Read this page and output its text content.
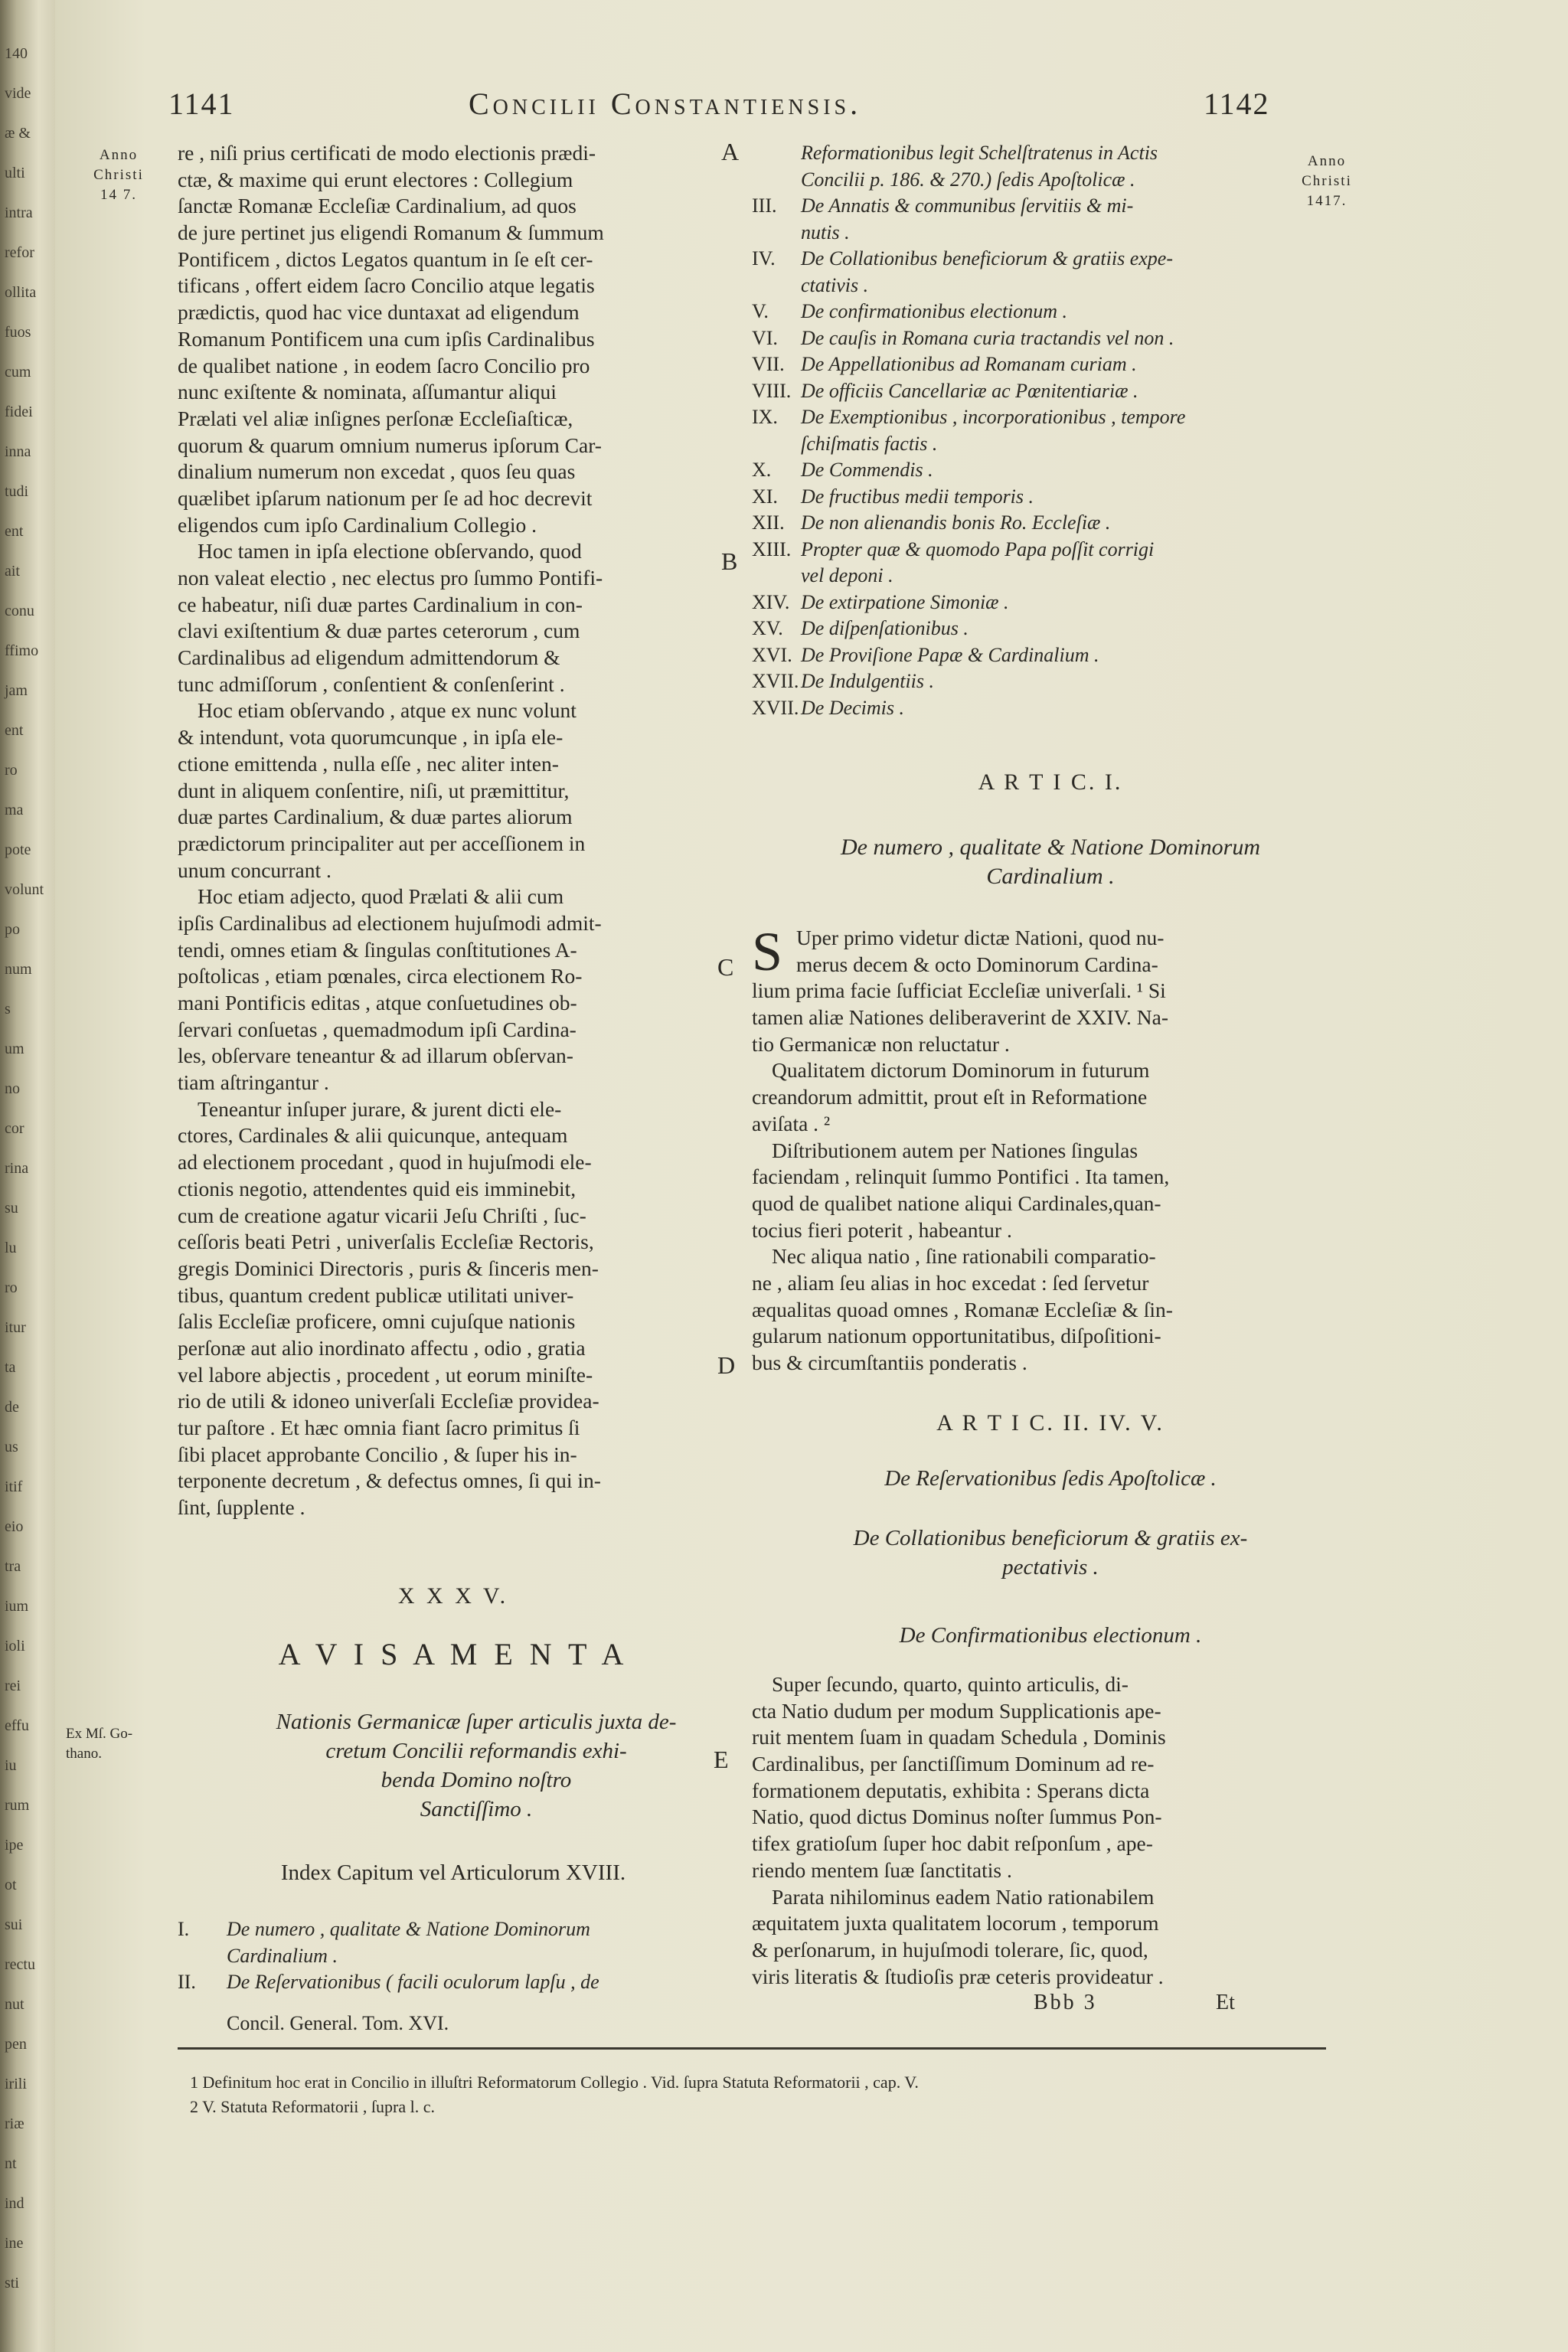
140
vide
æ &
ulti
intra
refor
ollita
fuos
cum
fidei
inna
tudi
ent
ait
conu
ffimo
jam
ent
ro
ma
pote
volunt
po
num
s
um
no
cor
rina
su
lu
ro
itur
ta
de
us
itif
eio
tra
ium
ioli
rei
effu
iu
rum
ipe
ot
sui
rectu
nut
pen
irili
riæ
nt
ind
ine
sti
1141	Concilii Constantiensis.	1142
Anno
Christi
14 7.
Anno
Christi
1417.
Ex Mſ. Go-
thano.
A
B
C
D
E
re , niſi prius certificati de modo electionis prædi-
ctæ, & maxime qui erunt electores : Collegium
ſanctæ Romanæ Eccleſiæ Cardinalium, ad quos
de jure pertinet jus eligendi Romanum & ſummum
Pontificem , dictos Legatos quantum in ſe eſt cer-
tificans , offert eidem ſacro Concilio atque legatis
prædictis, quod hac vice duntaxat ad eligendum
Romanum Pontificem una cum ipſis Cardinalibus
de qualibet natione , in eodem ſacro Concilio pro
nunc exiſtente & nominata, aſſumantur aliqui
Prælati vel aliæ inſignes perſonæ Eccleſiaſticæ,
quorum & quarum omnium numerus ipſorum Car-
dinalium numerum non excedat , quos ſeu quas
quælibet ipſarum nationum per ſe ad hoc decrevit
eligendos cum ipſo Cardinalium Collegio .
Hoc tamen in ipſa electione obſervando, quod
non valeat electio , nec electus pro ſummo Pontifi-
ce habeatur, niſi duæ partes Cardinalium in con-
clavi exiſtentium & duæ partes ceterorum , cum
Cardinalibus ad eligendum admittendorum &
tunc admiſſorum , conſentient & conſenſerint .
Hoc etiam obſervando , atque ex nunc volunt
& intendunt, vota quorumcunque , in ipſa ele-
ctione emittenda , nulla eſſe , nec aliter inten-
dunt in aliquem conſentire, niſi, ut præmittitur,
duæ partes Cardinalium, & duæ partes aliorum
prædictorum principaliter aut per acceſſionem in
unum concurrant .
Hoc etiam adjecto, quod Prælati & alii cum
ipſis Cardinalibus ad electionem hujuſmodi admit-
tendi, omnes etiam & ſingulas conſtitutiones A-
poſtolicas , etiam pœnales, circa electionem Ro-
mani Pontificis editas , atque conſuetudines ob-
ſervari conſuetas , quemadmodum ipſi Cardina-
les, obſervare teneantur & ad illarum obſervan-
tiam aſtringantur .
Teneantur inſuper jurare, & jurent dicti ele-
ctores, Cardinales & alii quicunque, antequam
ad electionem procedant , quod in hujuſmodi ele-
ctionis negotio, attendentes quid eis imminebit,
cum de creatione agatur vicarii Jeſu Chriſti , ſuc-
ceſſoris beati Petri , univerſalis Eccleſiæ Rectoris,
gregis Dominici Directoris , puris & ſinceris men-
tibus, quantum credent publicæ utilitati univer-
ſalis Eccleſiæ proficere, omni cujuſque nationis
perſonæ aut alio inordinato affectu , odio , gratia
vel labore abjectis , procedent , ut eorum miniſte-
rio de utili & idoneo univerſali Eccleſiæ providea-
tur paſtore . Et hæc omnia fiant ſacro primitus ſi
ſibi placet approbante Concilio , & ſuper his in-
terponente decretum , & defectus omnes, ſi qui in-
ſint, ſupplente .
X X X V.
A V I S A M E N T A
Nationis Germanicæ ſuper articulis juxta de-
cretum Concilii reformandis exhi-
benda Domino noſtro
Sanctiſſimo .
Index Capitum vel Articulorum XVIII.
I. De numero , qualitate & Natione Dominorum
Cardinalium .
II. De Reſervationibus ( facili oculorum lapſu , de
Concil. General. Tom. XVI.
Reformationibus legit Schelſtratenus in Actis
Concilii p. 186. & 270.) ſedis Apoſtolicæ .
III. De Annatis & communibus ſervitiis & mi-
nutis .
IV. De Collationibus beneficiorum & gratiis expe-
ctativis .
V. De confirmationibus electionum .
VI. De cauſis in Romana curia tractandis vel non .
VII. De Appellationibus ad Romanam curiam .
VIII. De officiis Cancellariæ ac Pœnitentiariæ .
IX. De Exemptionibus , incorporationibus , tempore
ſchiſmatis factis .
X. De Commendis .
XI. De fructibus medii temporis .
XII. De non alienandis bonis Ro. Eccleſiæ .
XIII. Propter quæ & quomodo Papa poſſit corrigi
vel deponi .
XIV. De extirpatione Simoniæ .
XV. De diſpenſationibus .
XVI. De Proviſione Papæ & Cardinalium .
XVII. De Indulgentiis .
XVII. De Decimis .
A R T I C. I.
De numero , qualitate & Natione Dominorum
Cardinalium .
S Uper primo videtur dictæ Nationi, quod nu-
merus decem & octo Dominorum Cardina-
lium prima facie ſufficiat Eccleſiæ univerſali. ¹ Si
tamen aliæ Nationes deliberaverint de XXIV. Na-
tio Germanicæ non reluctatur .
Qualitatem dictorum Dominorum in futurum
creandorum admittit, prout eſt in Reformatione
aviſata . ²
Diſtributionem autem per Nationes ſingulas
faciendam , relinquit ſummo Pontifici . Ita tamen,
quod de qualibet natione aliqui Cardinales,quan-
tocius fieri poterit , habeantur .
Nec aliqua natio , ſine rationabili comparatio-
ne , aliam ſeu alias in hoc excedat : ſed ſervetur
æqualitas quoad omnes , Romanæ Eccleſiæ & ſin-
gularum nationum opportunitatibus, diſpoſitioni-
bus & circumſtantiis ponderatis .
A R T I C. II. IV. V.
De Reſervationibus ſedis Apoſtolicæ .
De Collationibus beneficiorum & gratiis ex-
pectativis .
De Confirmationibus electionum .
Super ſecundo, quarto, quinto articulis, di-
cta Natio dudum per modum Supplicationis ape-
ruit mentem ſuam in quadam Schedula , Dominis
Cardinalibus, per ſanctiſſimum Dominum ad re-
formationem deputatis, exhibita : Sperans dicta
Natio, quod dictus Dominus noſter ſummus Pon-
tifex gratioſum ſuper hoc dabit reſponſum , ape-
riendo mentem ſuæ ſanctitatis .
Parata nihilominus eadem Natio rationabilem
æquitatem juxta qualitatem locorum , temporum
& perſonarum, in hujuſmodi tolerare, ſic, quod,
viris literatis & ſtudioſis præ ceteris provideatur .
Bbb 3	Et
1 Definitum hoc erat in Concilio in illuſtri Reformatorum Collegio . Vid. ſupra Statuta Reformatorii , cap. V.
2 V. Statuta Reformatorii , ſupra l. c.
